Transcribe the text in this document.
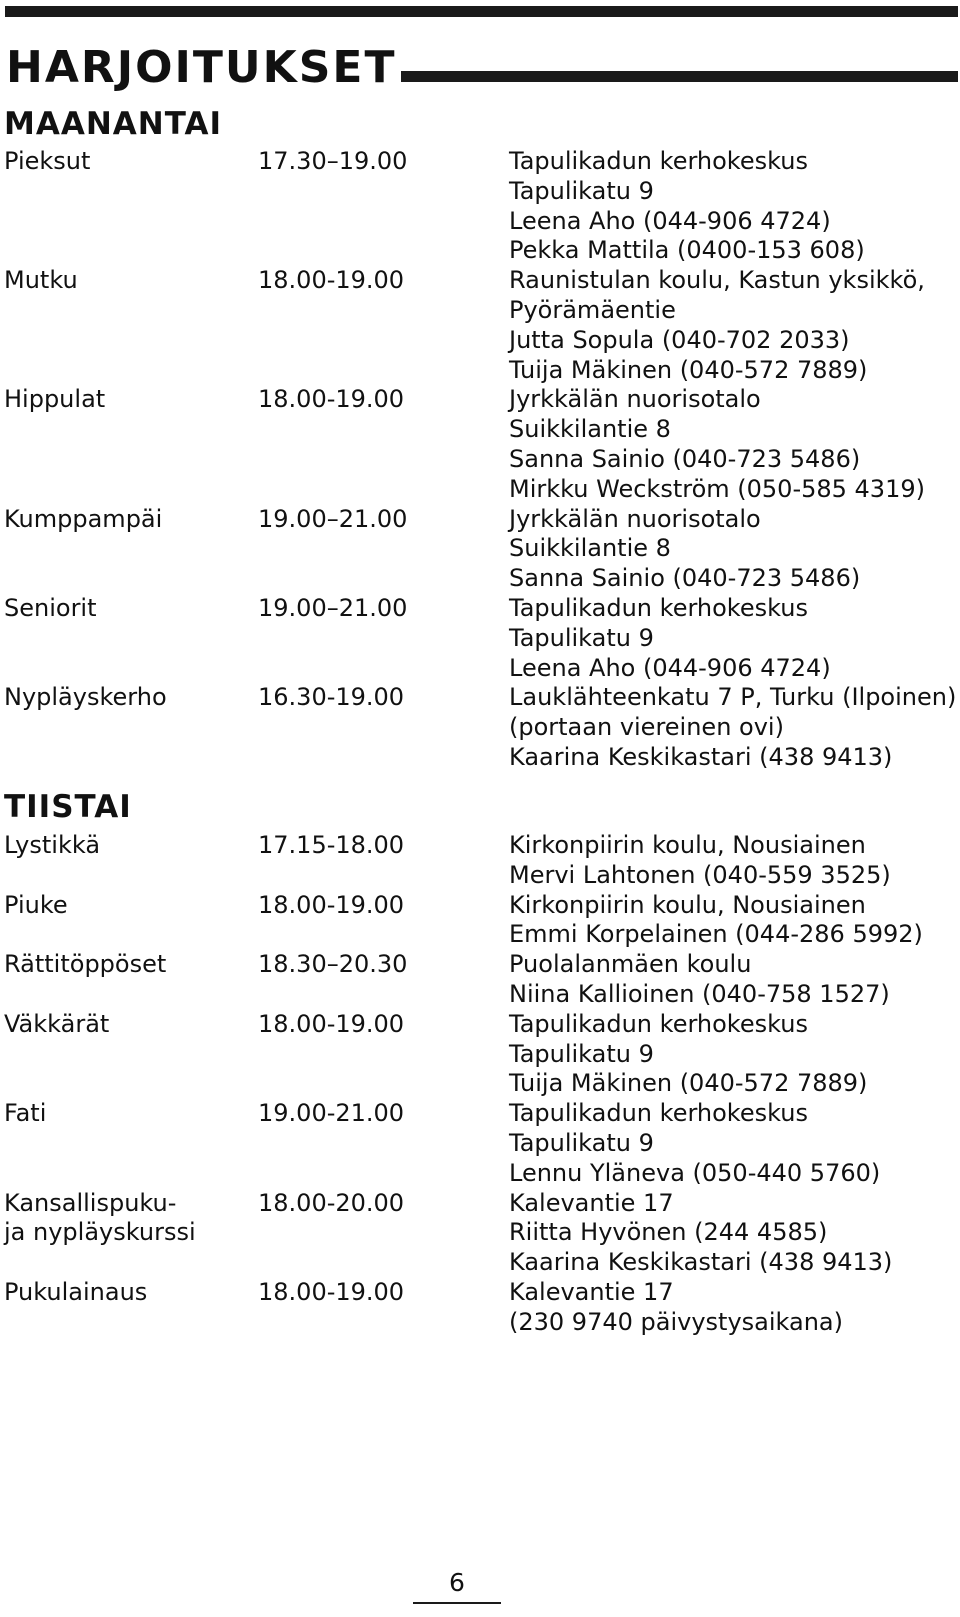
HARJOITUKSET
MAANANTAI
Pieksut	17.30–19.00	Tapulikadun kerhokeskus
Tapulikatu 9
Leena Aho (044-906 4724)
Pekka Mattila (0400-153 608)
Mutku	18.00-19.00	Raunistulan koulu, Kastun yksikkö,
Pyörämäentie
Jutta Sopula (040-702 2033)
Tuija Mäkinen (040-572 7889)
Hippulat	18.00-19.00	Jyrkkälän nuorisotalo
Suikkilantie 8
Sanna Sainio (040-723 5486)
Mirkku Weckström (050-585 4319)
Kumppampäi	19.00–21.00	Jyrkkälän nuorisotalo
Suikkilantie 8
Sanna Sainio (040-723 5486)
Seniorit	19.00–21.00	Tapulikadun kerhokeskus
Tapulikatu 9
Leena Aho (044-906 4724)
Nypläyskerho	16.30-19.00	Lauklähteenkatu 7 P, Turku (Ilpoinen)
(portaan viereinen ovi)
Kaarina Keskikastari (438 9413)
TIISTAI
Lystikkä	17.15-18.00	Kirkonpiirin koulu, Nousiainen
Mervi Lahtonen (040-559 3525)
Piuke	18.00-19.00	Kirkonpiirin koulu, Nousiainen
Emmi Korpelainen (044-286 5992)
Rättitöppöset	18.30–20.30	Puolalanmäen koulu
Niina Kallioinen (040-758 1527)
Väkkärät	18.00-19.00	Tapulikadun kerhokeskus
Tapulikatu 9
Tuija Mäkinen (040-572 7889)
Fati	19.00-21.00	Tapulikadun kerhokeskus
Tapulikatu 9
Lennu Yläneva (050-440 5760)
Kansallispuku-
ja nypläyskurssi
18.00-20.00	Kalevantie 17
Riitta Hyvönen (244 4585)
Kaarina Keskikastari (438 9413)
Pukulainaus	18.00-19.00	Kalevantie 17
(230 9740 päivystysaikana)
6
